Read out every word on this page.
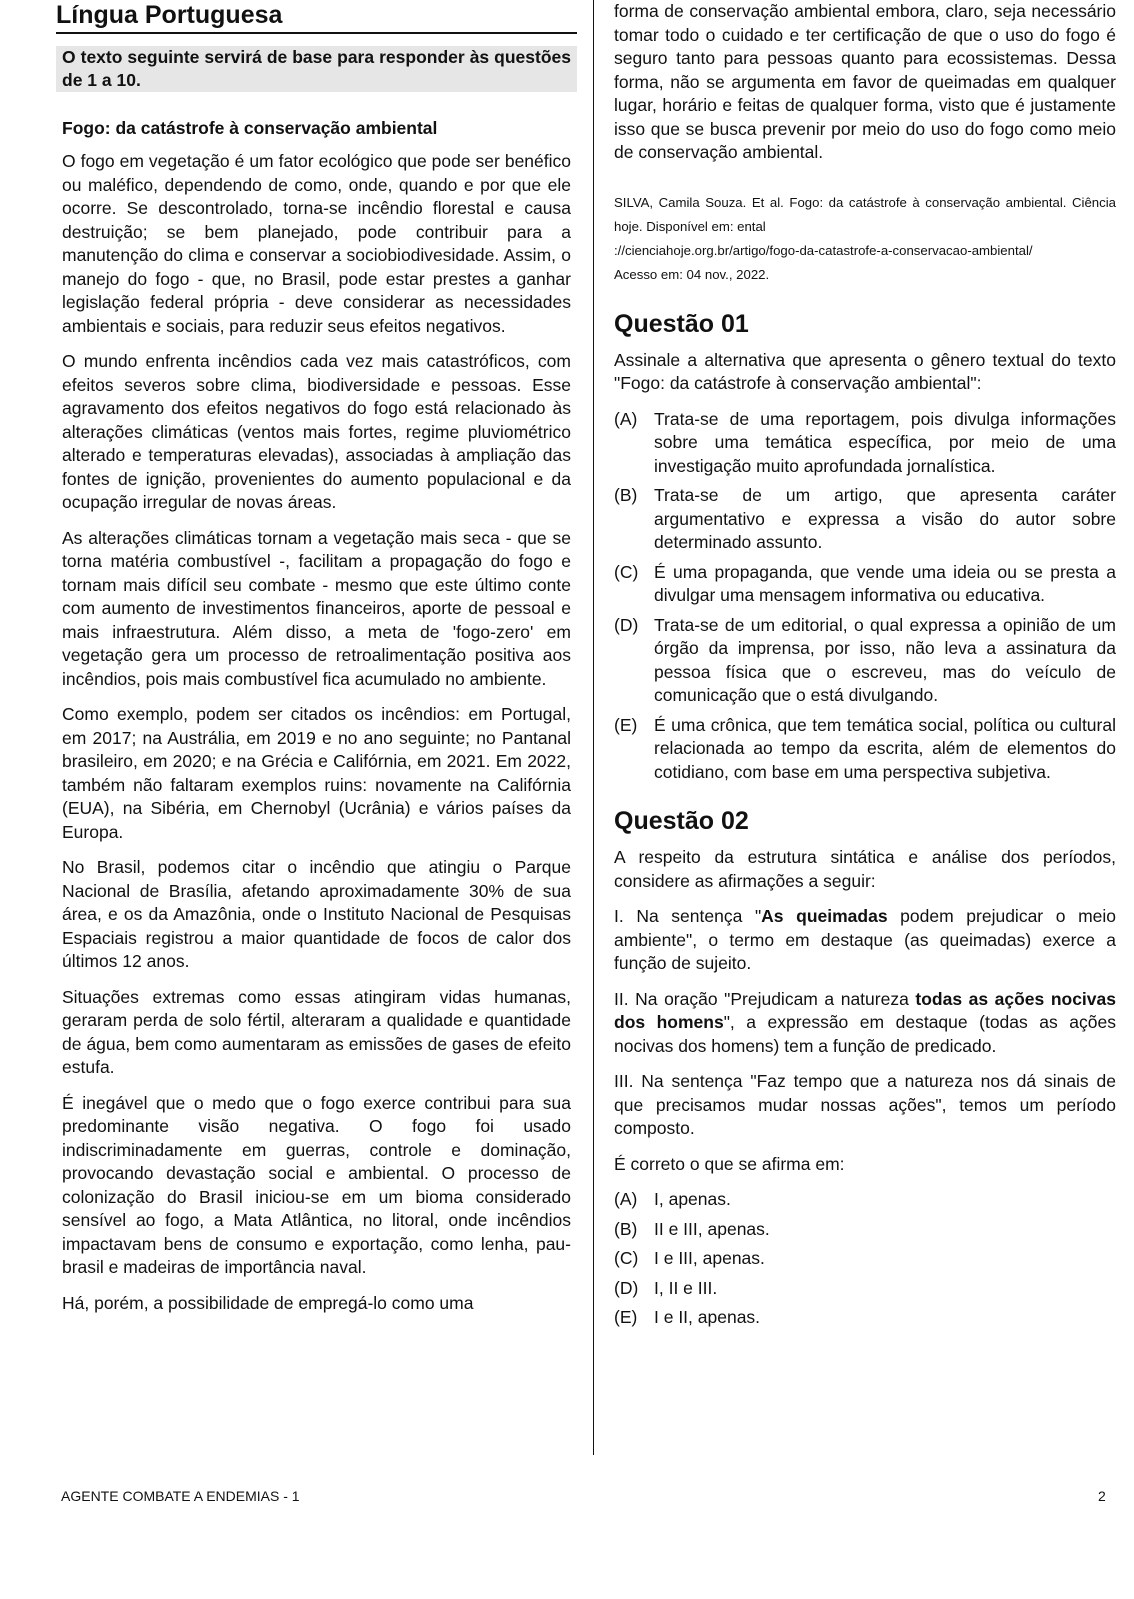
Língua Portuguesa
O texto seguinte servirá de base para responder às questões de 1 a 10.
Fogo: da catástrofe à conservação ambiental

O fogo em vegetação é um fator ecológico que pode ser benéfico ou maléfico, dependendo de como, onde, quando e por que ele ocorre. Se descontrolado, torna-se incêndio florestal e causa destruição; se bem planejado, pode contribuir para a manutenção do clima e conservar a sociobiodivesidade. Assim, o manejo do fogo - que, no Brasil, pode estar prestes a ganhar legislação federal própria - deve considerar as necessidades ambientais e sociais, para reduzir seus efeitos negativos.

O mundo enfrenta incêndios cada vez mais catastróficos, com efeitos severos sobre clima, biodiversidade e pessoas. Esse agravamento dos efeitos negativos do fogo está relacionado às alterações climáticas (ventos mais fortes, regime pluviométrico alterado e temperaturas elevadas), associadas à ampliação das fontes de ignição, provenientes do aumento populacional e da ocupação irregular de novas áreas.

As alterações climáticas tornam a vegetação mais seca - que se torna matéria combustível -, facilitam a propagação do fogo e tornam mais difícil seu combate - mesmo que este último conte com aumento de investimentos financeiros, aporte de pessoal e mais infraestrutura. Além disso, a meta de 'fogo-zero' em vegetação gera um processo de retroalimentação positiva aos incêndios, pois mais combustível fica acumulado no ambiente.

Como exemplo, podem ser citados os incêndios: em Portugal, em 2017; na Austrália, em 2019 e no ano seguinte; no Pantanal brasileiro, em 2020; e na Grécia e Califórnia, em 2021. Em 2022, também não faltaram exemplos ruins: novamente na Califórnia (EUA), na Sibéria, em Chernobyl (Ucrânia) e vários países da Europa.

No Brasil, podemos citar o incêndio que atingiu o Parque Nacional de Brasília, afetando aproximadamente 30% de sua área, e os da Amazônia, onde o Instituto Nacional de Pesquisas Espaciais registrou a maior quantidade de focos de calor dos últimos 12 anos.

Situações extremas como essas atingiram vidas humanas, geraram perda de solo fértil, alteraram a qualidade e quantidade de água, bem como aumentaram as emissões de gases de efeito estufa.

É inegável que o medo que o fogo exerce contribui para sua predominante visão negativa. O fogo foi usado indiscriminadamente em guerras, controle e dominação, provocando devastação social e ambiental. O processo de colonização do Brasil iniciou-se em um bioma considerado sensível ao fogo, a Mata Atlântica, no litoral, onde incêndios impactavam bens de consumo e exportação, como lenha, pau-brasil e madeiras de importância naval.

Há, porém, a possibilidade de empregá-lo como uma

forma de conservação ambiental embora, claro, seja necessário tomar todo o cuidado e ter certificação de que o uso do fogo é seguro tanto para pessoas quanto para ecossistemas. Dessa forma, não se argumenta em favor de queimadas em qualquer lugar, horário e feitas de qualquer forma, visto que é justamente isso que se busca prevenir por meio do uso do fogo como meio de conservação ambiental.

SILVA, Camila Souza. Et al. Fogo: da catástrofe à conservação ambiental. Ciência hoje. Disponível em: ental

://cienciahoje.org.br/artigo/fogo-da-catastrofe-a-conservacao-ambiental/

Acesso em: 04 nov., 2022.

Questão 01

Assinale a alternativa que apresenta o gênero textual do texto "Fogo: da catástrofe à conservação ambiental":

(A) Trata-se de uma reportagem, pois divulga informações sobre uma temática específica, por meio de uma investigação muito aprofundada jornalística.
(B) Trata-se de um artigo, que apresenta caráter argumentativo e expressa a visão do autor sobre determinado assunto.
(C) É uma propaganda, que vende uma ideia ou se presta a divulgar uma mensagem informativa ou educativa.
(D) Trata-se de um editorial, o qual expressa a opinião de um órgão da imprensa, por isso, não leva a assinatura da pessoa física que o escreveu, mas do veículo de comunicação que o está divulgando.
(E) É uma crônica, que tem temática social, política ou cultural relacionada ao tempo da escrita, além de elementos do cotidiano, com base em uma perspectiva subjetiva.
Questão 02

A respeito da estrutura sintática e análise dos períodos, considere as afirmações a seguir:

I. Na sentença "As queimadas podem prejudicar o meio ambiente", o termo em destaque (as queimadas) exerce a função de sujeito.

II. Na oração "Prejudicam a natureza todas as ações nocivas dos homens", a expressão em destaque (todas as ações nocivas dos homens) tem a função de predicado.

III. Na sentença "Faz tempo que a natureza nos dá sinais de que precisamos mudar nossas ações", temos um período composto.

É correto o que se afirma em:

(A) I, apenas.
(B) II e III, apenas.
(C) I e III, apenas.
(D) I, II e III.
(E) I e II, apenas.
AGENTE COMBATE A ENDEMIAS - 1	2
